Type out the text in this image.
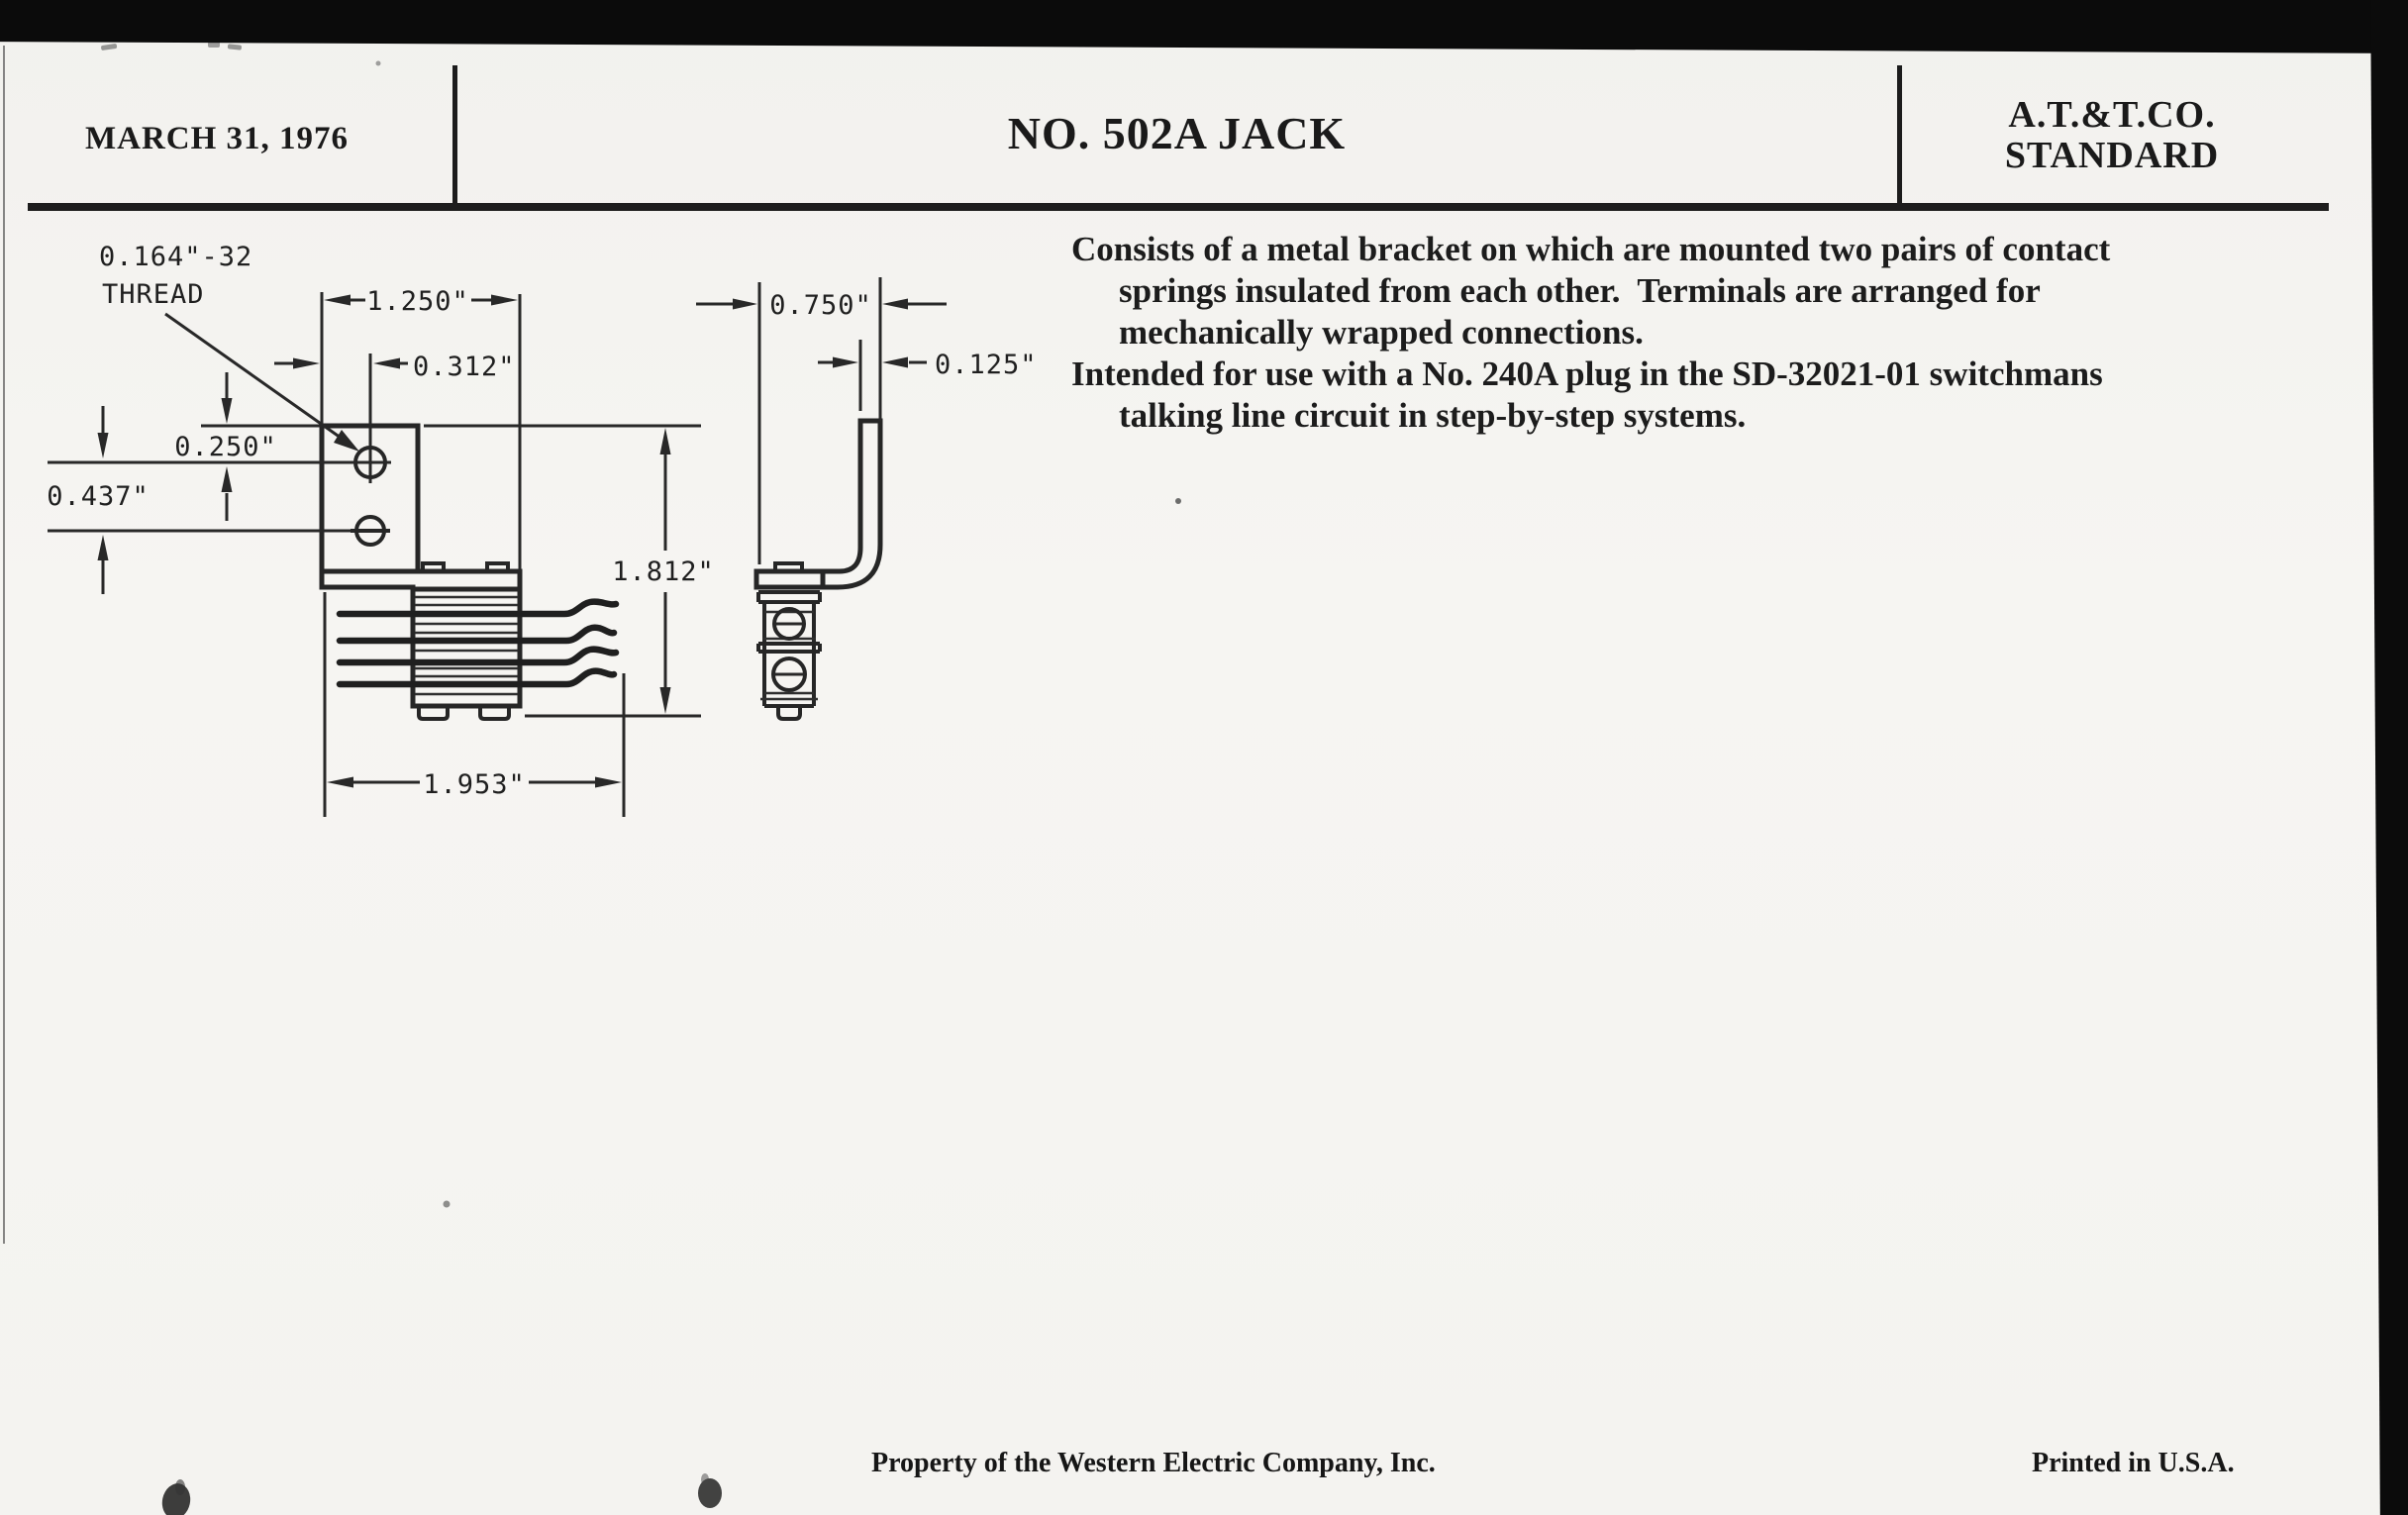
1.250"
0.312"
0.250"
0.437"
1.812"
1.953"
0.750"
0.125"
0.164"-32
THREAD
MARCH 31, 1976	NO. 502A JACK	A.T.&T.CO.
STANDARD
Consists of a metal bracket on which are mounted two pairs of contact
springs insulated from each other.  Terminals are arranged for
mechanically wrapped connections.
Intended for use with a No. 240A plug in the SD-32021-01 switchmans
talking line circuit in step-by-step systems.
Property of the Western Electric Company, Inc.	Printed in U.S.A.
